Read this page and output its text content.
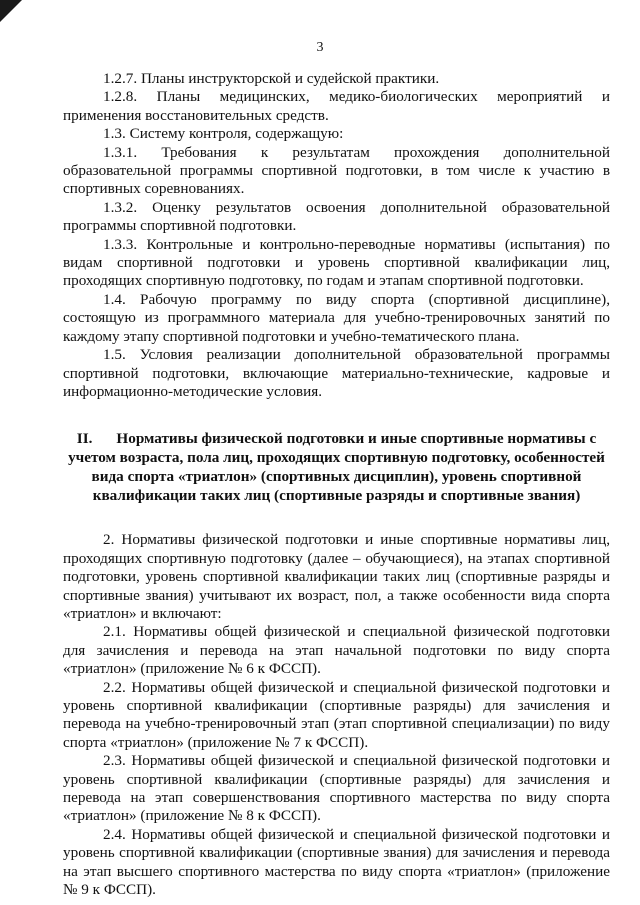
3

1.2.7. Планы инструкторской и судейской практики.

1.2.8. Планы медицинских, медико-биологических мероприятий и применения восстановительных средств.

1.3. Систему контроля, содержащую:

1.3.1. Требования к результатам прохождения дополнительной образовательной программы спортивной подготовки, в том числе к участию в спортивных соревнованиях.

1.3.2. Оценку результатов освоения дополнительной образовательной программы спортивной подготовки.

1.3.3. Контрольные и контрольно-переводные нормативы (испытания) по видам спортивной подготовки и уровень спортивной квалификации лиц, проходящих спортивную подготовку, по годам и этапам спортивной подготовки.

1.4. Рабочую программу по виду спорта (спортивной дисциплине), состоящую из программного материала для учебно-тренировочных занятий по каждому этапу спортивной подготовки и учебно-тематического плана.

1.5. Условия реализации дополнительной образовательной программы спортивной подготовки, включающие материально-технические, кадровые и информационно-методические условия.

II. Нормативы физической подготовки и иные спортивные нормативы с учетом возраста, пола лиц, проходящих спортивную подготовку, особенностей вида спорта «триатлон» (спортивных дисциплин), уровень спортивной квалификации таких лиц (спортивные разряды и спортивные звания)

2. Нормативы физической подготовки и иные спортивные нормативы лиц, проходящих спортивную подготовку (далее – обучающиеся), на этапах спортивной подготовки, уровень спортивной квалификации таких лиц (спортивные разряды и спортивные звания) учитывают их возраст, пол, а также особенности вида спорта «триатлон» и включают:

2.1. Нормативы общей физической и специальной физической подготовки для зачисления и перевода на этап начальной подготовки по виду спорта «триатлон» (приложение № 6 к ФССП).

2.2. Нормативы общей физической и специальной физической подготовки и уровень спортивной квалификации (спортивные разряды) для зачисления и перевода на учебно-тренировочный этап (этап спортивной специализации) по виду спорта «триатлон» (приложение № 7 к ФССП).

2.3. Нормативы общей физической и специальной физической подготовки и уровень спортивной квалификации (спортивные разряды) для зачисления и перевода на этап совершенствования спортивного мастерства по виду спорта «триатлон» (приложение № 8 к ФССП).

2.4. Нормативы общей физической и специальной физической подготовки и уровень спортивной квалификации (спортивные звания) для зачисления и перевода на этап высшего спортивного мастерства по виду спорта «триатлон» (приложение № 9 к ФССП).
